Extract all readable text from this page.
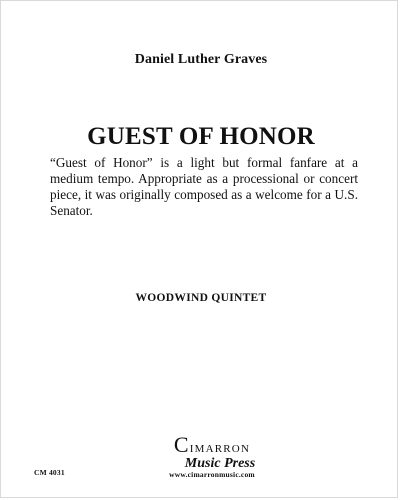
Daniel Luther Graves
GUEST OF HONOR

“Guest of Honor” is a light but formal fanfare at a medium tempo. Appropriate as a processional or concert piece, it was originally composed as a welcome for a U.S. Senator.

WOODWIND QUINTET
Cimarron
Music Press
www.cimarronmusic.com
CM 4031
